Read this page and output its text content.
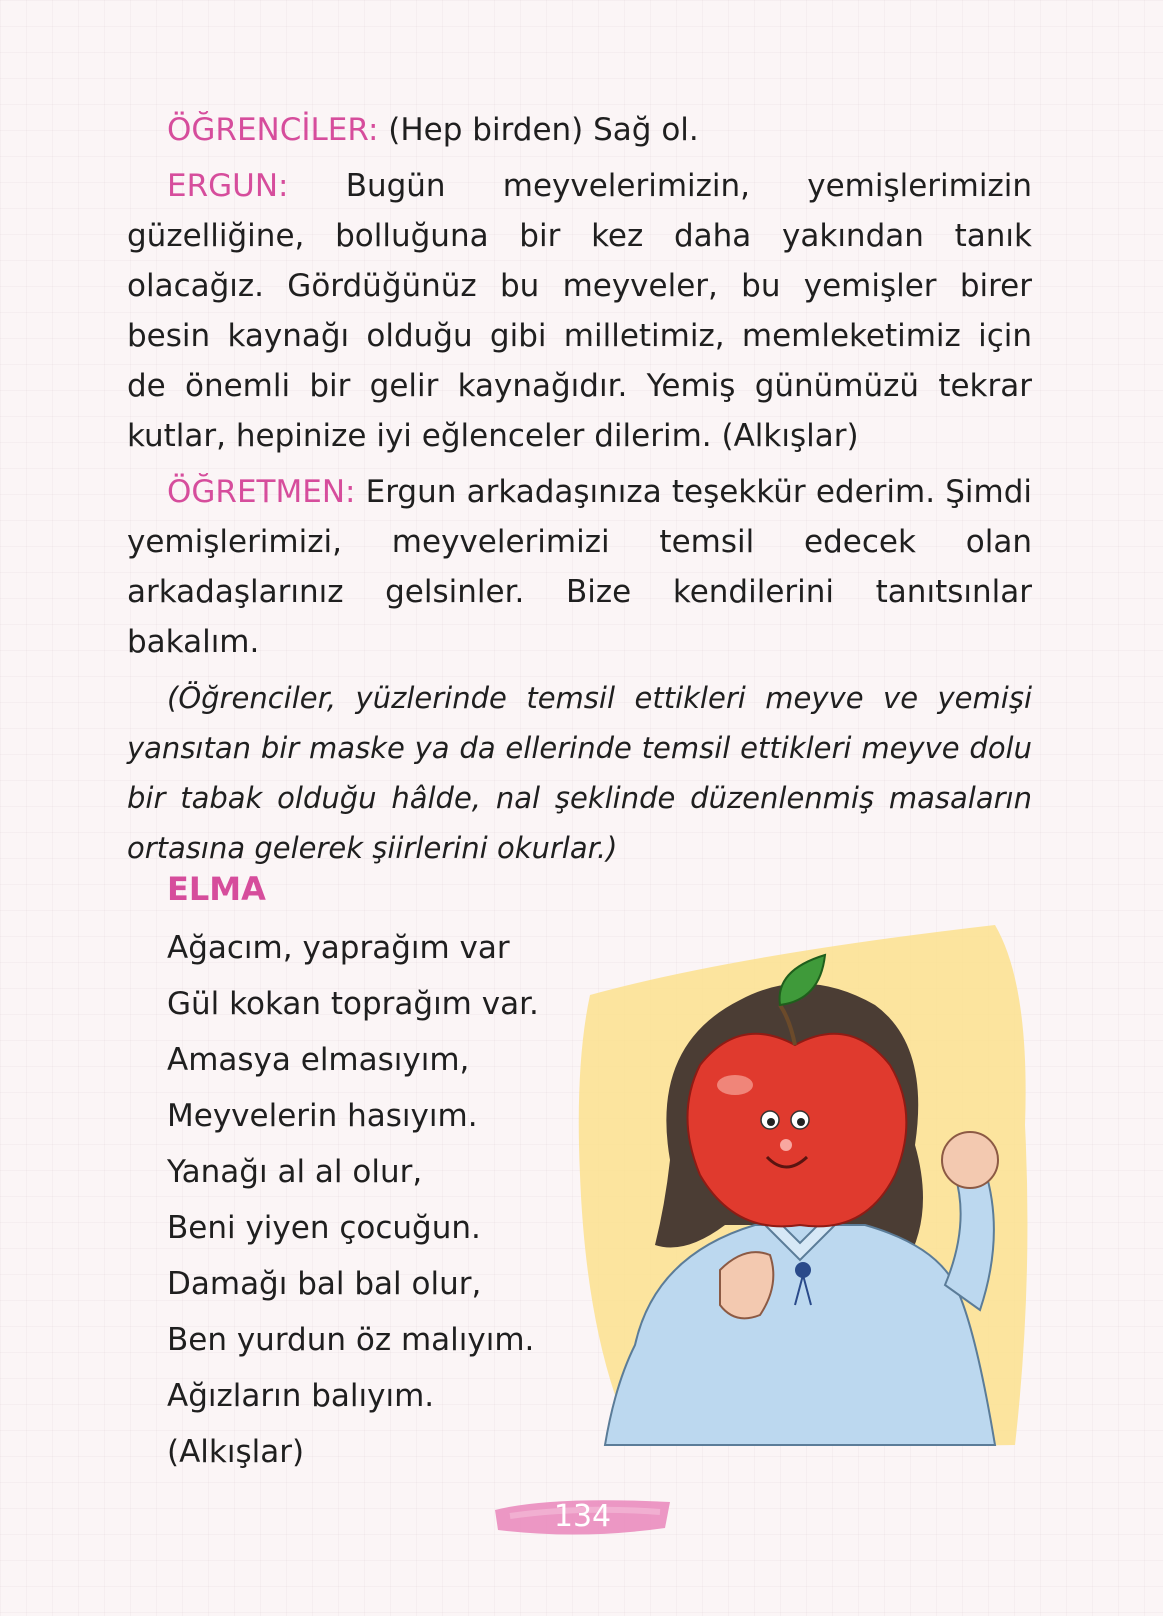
ÖĞRENCİLER: (Hep birden) Sağ ol.

ERGUN: Bugün meyvelerimizin, yemişlerimizin güzelliğine, bolluğuna bir kez daha yakından tanık olacağız. Gördüğünüz bu meyveler, bu yemişler birer besin kaynağı olduğu gibi milletimiz, memleketimiz için de önemli bir gelir kaynağıdır. Yemiş günümüzü tekrar kutlar, hepinize iyi eğlenceler dilerim. (Alkışlar)

ÖĞRETMEN: Ergun arkadaşınıza teşekkür ederim. Şimdi yemişlerimizi, meyvelerimizi temsil edecek olan arkadaşlarınız gelsinler. Bize kendilerini tanıtsınlar bakalım.

(Öğrenciler, yüzlerinde temsil ettikleri meyve ve yemişi yansıtan bir maske ya da ellerinde temsil ettikleri meyve dolu bir tabak olduğu hâlde, nal şeklinde düzenlenmiş masaların ortasına gelerek şiirlerini okurlar.)

ELMA
Ağacım, yaprağım var
Gül kokan toprağım var.
Amasya elmasıyım,
Meyvelerin hasıyım.
Yanağı al al olur,
Beni yiyen çocuğun.
Damağı bal bal olur,
Ben yurdun öz malıyım.
Ağızların balıyım.
(Alkışlar)
134
